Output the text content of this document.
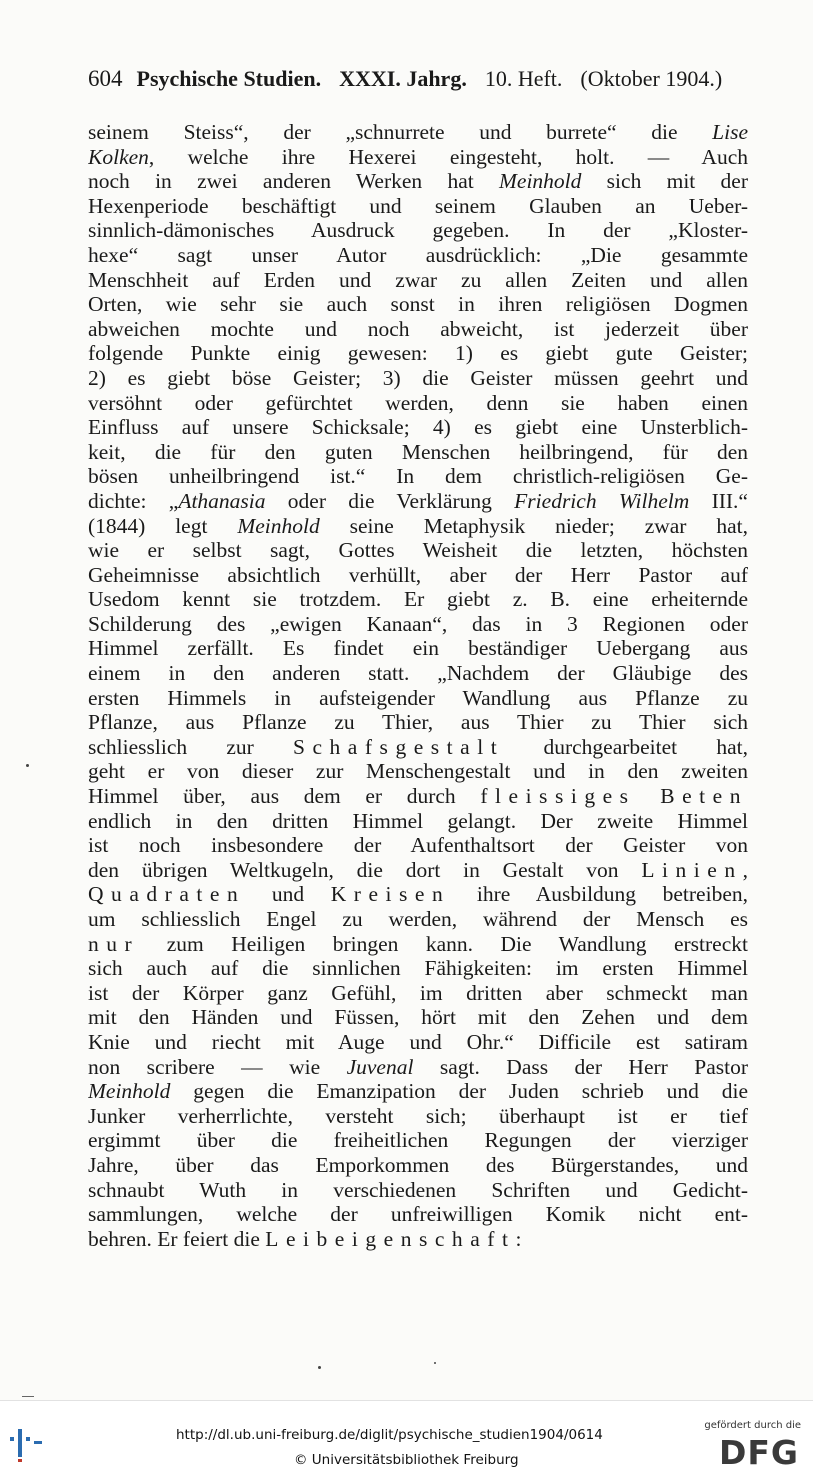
604 Psychische Studien. XXXI. Jahrg. 10. Heft. (Oktober 1904.)
seinem Steiss“, der „schnurrete und burrete“ die Lise
Kolken, welche ihre Hexerei eingesteht, holt. — Auch
noch in zwei anderen Werken hat Meinhold sich mit der
Hexenperiode beschäftigt und seinem Glauben an Ueber-
sinnlich-dämonisches Ausdruck gegeben. In der „Kloster-
hexe“ sagt unser Autor ausdrücklich: „Die gesammte
Menschheit auf Erden und zwar zu allen Zeiten und allen
Orten, wie sehr sie auch sonst in ihren religiösen Dogmen
abweichen mochte und noch abweicht, ist jederzeit über
folgende Punkte einig gewesen: 1) es giebt gute Geister;
2) es giebt böse Geister; 3) die Geister müssen geehrt und
versöhnt oder gefürchtet werden, denn sie haben einen
Einfluss auf unsere Schicksale; 4) es giebt eine Unsterblich-
keit, die für den guten Menschen heilbringend, für den
bösen unheilbringend ist.“ In dem christlich-religiösen Ge-
dichte: „Athanasia oder die Verklärung Friedrich Wilhelm III.“
(1844) legt Meinhold seine Metaphysik nieder; zwar hat,
wie er selbst sagt, Gottes Weisheit die letzten, höchsten
Geheimnisse absichtlich verhüllt, aber der Herr Pastor auf
Usedom kennt sie trotzdem. Er giebt z. B. eine erheiternde
Schilderung des „ewigen Kanaan“, das in 3 Regionen oder
Himmel zerfällt. Es findet ein beständiger Uebergang aus
einem in den anderen statt. „Nachdem der Gläubige des
ersten Himmels in aufsteigender Wandlung aus Pflanze zu
Pflanze, aus Pflanze zu Thier, aus Thier zu Thier sich
schliesslich zur Schafsgestalt durchgearbeitet hat,
geht er von dieser zur Menschengestalt und in den zweiten
Himmel über, aus dem er durch fleissiges Beten
endlich in den dritten Himmel gelangt. Der zweite Himmel
ist noch insbesondere der Aufenthaltsort der Geister von
den übrigen Weltkugeln, die dort in Gestalt von Linien,
Quadraten und Kreisen ihre Ausbildung betreiben,
um schliesslich Engel zu werden, während der Mensch es
nur zum Heiligen bringen kann. Die Wandlung erstreckt
sich auch auf die sinnlichen Fähigkeiten: im ersten Himmel
ist der Körper ganz Gefühl, im dritten aber schmeckt man
mit den Händen und Füssen, hört mit den Zehen und dem
Knie und riecht mit Auge und Ohr.“ Difficile est satiram
non scribere — wie Juvenal sagt. Dass der Herr Pastor
Meinhold gegen die Emanzipation der Juden schrieb und die
Junker verherrlichte, versteht sich; überhaupt ist er tief
ergimmt über die freiheitlichen Regungen der vierziger
Jahre, über das Emporkommen des Bürgerstandes, und
schnaubt Wuth in verschiedenen Schriften und Gedicht-
sammlungen, welche der unfreiwilligen Komik nicht ent-
behren. Er feiert die Leibeigenschaft:
http://dl.ub.uni-freiburg.de/diglit/psychische_studien1904/0614
© Universitätsbibliothek Freiburg
gefördert durch die
DFG
